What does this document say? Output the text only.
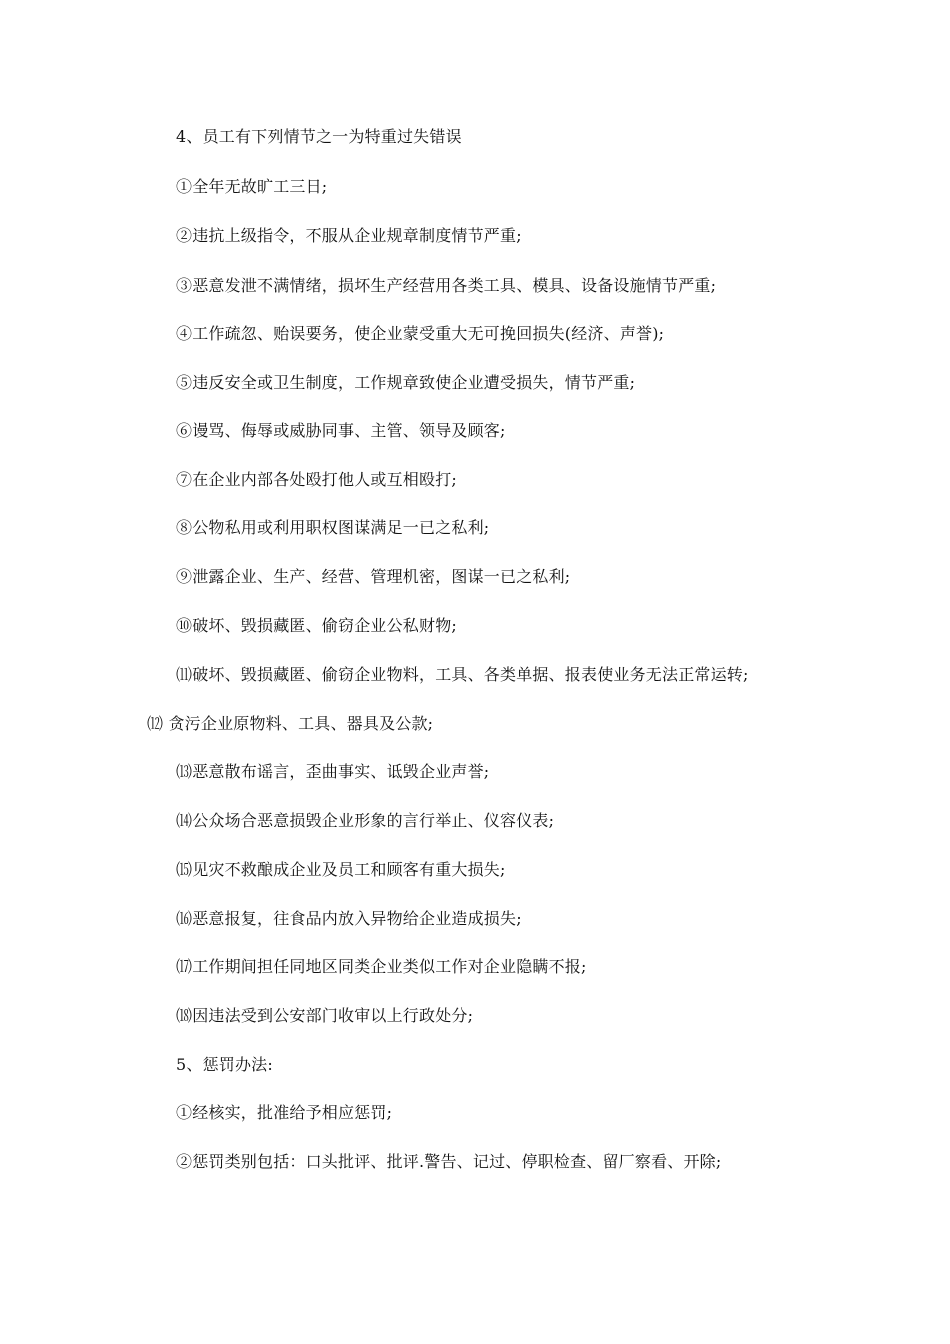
4、员工有下列情节之一为特重过失错误
①全年无故旷工三日;
②违抗上级指令，不服从企业规章制度情节严重;
③恶意发泄不满情绪，损坏生产经营用各类工具、模具、设备设施情节严重;
④工作疏忽、贻误要务，使企业蒙受重大无可挽回损失(经济、声誉);
⑤违反安全或卫生制度，工作规章致使企业遭受损失，情节严重;
⑥谩骂、侮辱或威胁同事、主管、领导及顾客;
⑦在企业内部各处殴打他人或互相殴打;
⑧公物私用或利用职权图谋满足一已之私利;
⑨泄露企业、生产、经营、管理机密，图谋一已之私利;
⑩破坏、毁损藏匿、偷窃企业公私财物;
⑾破坏、毁损藏匿、偷窃企业物料，工具、各类单据、报表使业务无法正常运转;
⑿ 贪污企业原物料、工具、器具及公款;
⒀恶意散布谣言，歪曲事实、诋毁企业声誉;
⒁公众场合恶意损毁企业形象的言行举止、仪容仪表;
⒂见灾不救酿成企业及员工和顾客有重大损失;
⒃恶意报复，往食品内放入异物给企业造成损失;
⒄工作期间担任同地区同类企业类似工作对企业隐瞒不报;
⒅因违法受到公安部门收审以上行政处分;
5、惩罚办法:
①经核实，批准给予相应惩罚;
②惩罚类别包括：口头批评、批评.警告、记过、停职检查、留厂察看、开除;
